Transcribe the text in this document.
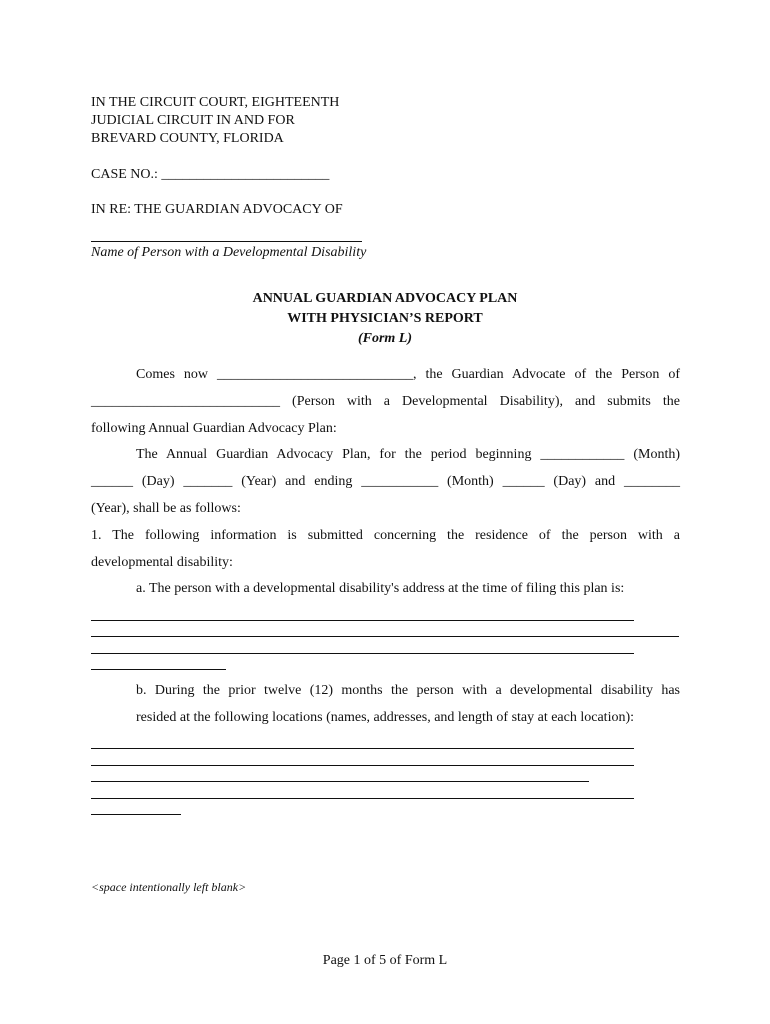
IN THE CIRCUIT COURT, EIGHTEENTH
JUDICIAL CIRCUIT IN AND FOR
BREVARD COUNTY, FLORIDA
CASE NO.: ________________________
IN RE: THE GUARDIAN ADVOCACY OF
Name of Person with a Developmental Disability
ANNUAL GUARDIAN ADVOCACY PLAN
WITH PHYSICIAN’S REPORT
(Form L)
Comes now ____________________________, the Guardian Advocate of the Person of
___________________________ (Person with a Developmental Disability), and submits the
following Annual Guardian Advocacy Plan:
The Annual Guardian Advocacy Plan, for the period beginning ____________ (Month)
______ (Day) _______ (Year) and ending ___________ (Month) ______ (Day) and ________
(Year), shall be as follows:
1. The following information is submitted concerning the residence of the person with a
developmental disability:
a. The person with a developmental disability's address at the time of filing this plan is:
b. During the prior twelve (12) months the person with a developmental disability has
resided at the following locations (names, addresses, and length of stay at each location):
<space intentionally left blank>
Page 1 of 5 of Form L
